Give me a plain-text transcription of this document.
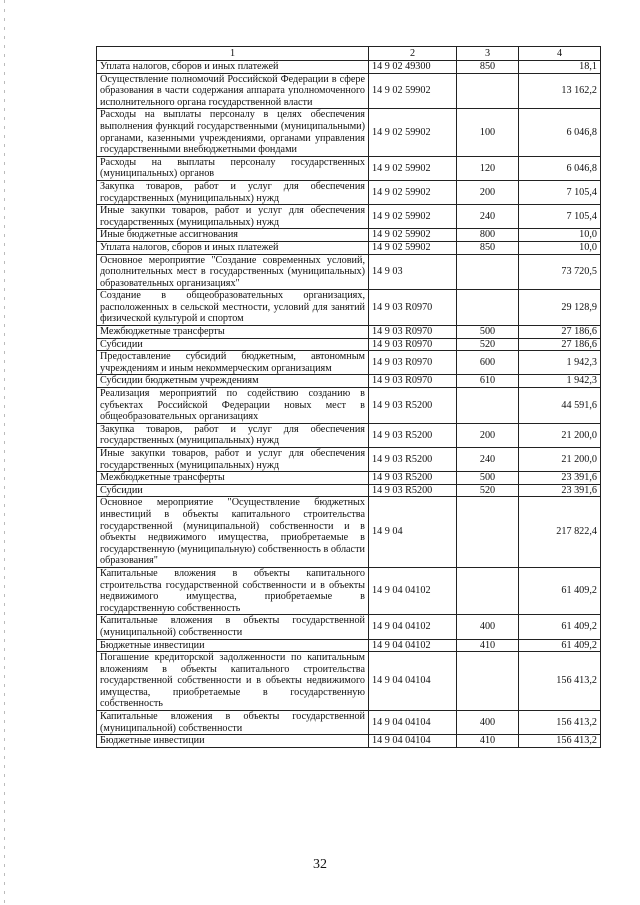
1	2	3	4
Уплата налогов, сборов и иных платежей	14 9 02 49300	850	18,1
Осуществление полномочий Российской Федерации в сфере образования в части содержания аппарата уполномоченного исполнительного органа государственной власти	14 9 02 59902		13 162,2
Расходы на выплаты персоналу в целях обеспечения выполнения функций государственными (муниципальными) органами, казенными учреждениями, органами управления государственными внебюджетными фондами	14 9 02 59902	100	6 046,8
Расходы на выплаты персоналу государственных (муниципальных) органов	14 9 02 59902	120	6 046,8
Закупка товаров, работ и услуг для обеспечения государственных (муниципальных) нужд	14 9 02 59902	200	7 105,4
Иные закупки товаров, работ и услуг для обеспечения государственных (муниципальных) нужд	14 9 02 59902	240	7 105,4
Иные бюджетные ассигнования	14 9 02 59902	800	10,0
Уплата налогов, сборов и иных платежей	14 9 02 59902	850	10,0
Основное мероприятие "Создание современных условий, дополнительных мест в государственных (муниципальных) образовательных организациях"	14 9 03		73 720,5
Создание в общеобразовательных организациях, расположенных в сельской местности, условий для занятий физической культурой и спортом	14 9 03 R0970		29 128,9
Межбюджетные трансферты	14 9 03 R0970	500	27 186,6
Субсидии	14 9 03 R0970	520	27 186,6
Предоставление субсидий бюджетным, автономным учреждениям и иным некоммерческим организациям	14 9 03 R0970	600	1 942,3
Субсидии бюджетным учреждениям	14 9 03 R0970	610	1 942,3
Реализация мероприятий по содействию созданию в субъектах Российской Федерации новых мест в общеобразовательных организациях	14 9 03 R5200		44 591,6
Закупка товаров, работ и услуг для обеспечения государственных (муниципальных) нужд	14 9 03 R5200	200	21 200,0
Иные закупки товаров, работ и услуг для обеспечения государственных (муниципальных) нужд	14 9 03 R5200	240	21 200,0
Межбюджетные трансферты	14 9 03 R5200	500	23 391,6
Субсидии	14 9 03 R5200	520	23 391,6
Основное мероприятие "Осуществление бюджетных инвестиций в объекты капитального строительства государственной (муниципальной) собственности и в объекты недвижимого имущества, приобретаемые в государственную (муниципальную) собственность в области образования"	14 9 04		217 822,4
Капитальные вложения в объекты капитального строительства государственной собственности и в объекты недвижимого имущества, приобретаемые в государственную собственность	14 9 04 04102		61 409,2
Капитальные вложения в объекты государственной (муниципальной) собственности	14 9 04 04102	400	61 409,2
Бюджетные инвестиции	14 9 04 04102	410	61 409,2
Погашение кредиторской задолженности по капитальным вложениям в объекты капитального строительства государственной собственности и в объекты недвижимого имущества, приобретаемые в государственную собственность	14 9 04 04104		156 413,2
Капитальные вложения в объекты государственной (муниципальной) собственности	14 9 04 04104	400	156 413,2
Бюджетные инвестиции	14 9 04 04104	410	156 413,2
32
